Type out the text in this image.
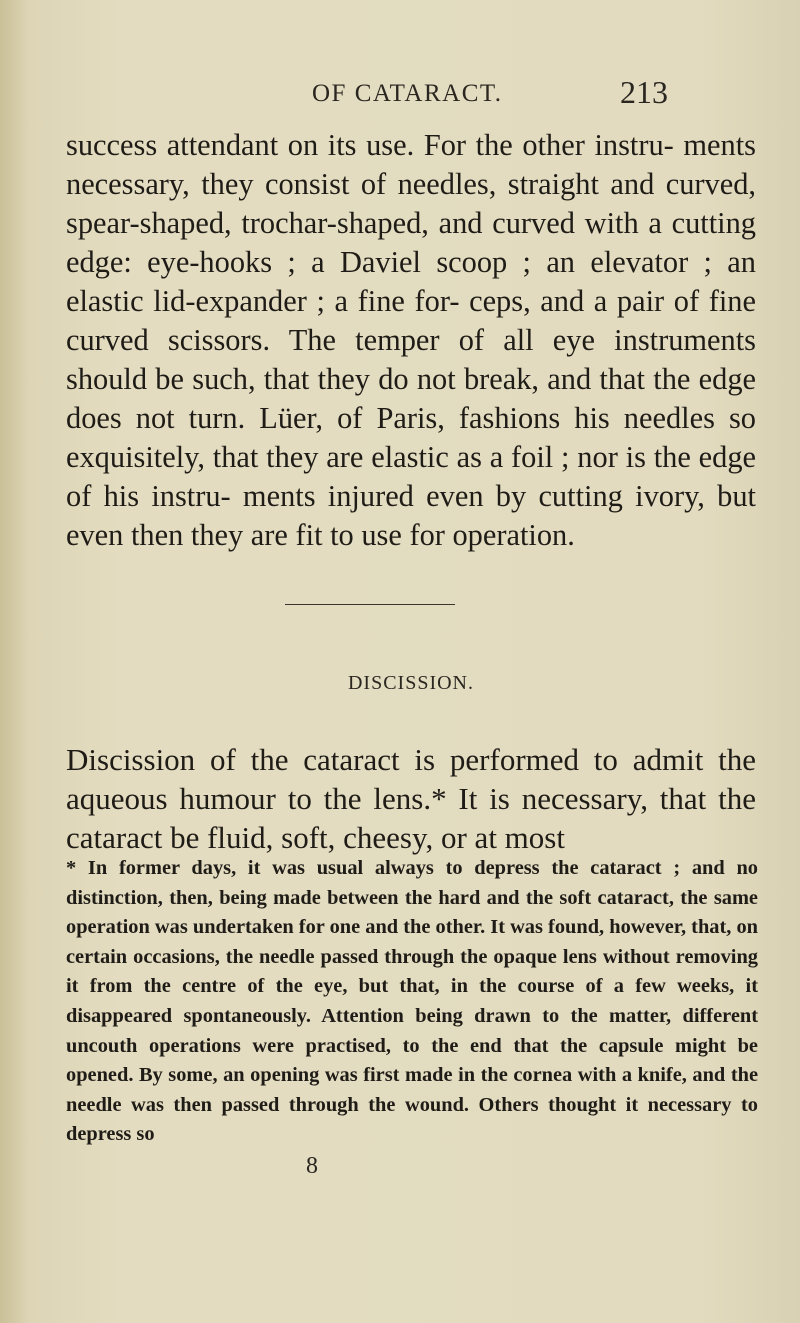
OF CATARACT.	213

success attendant on its use. For the other instru- ments necessary, they consist of needles, straight and curved, spear-shaped, trochar-shaped, and curved with a cutting edge: eye-hooks ; a Daviel scoop ; an elevator ; an elastic lid-expander ; a fine for- ceps, and a pair of fine curved scissors. The temper of all eye instruments should be such, that they do not break, and that the edge does not turn. Lüer, of Paris, fashions his needles so exquisitely, that they are elastic as a foil ; nor is the edge of his instru- ments injured even by cutting ivory, but even then they are fit to use for operation.

DISCISSION.

Discission of the cataract is performed to admit the aqueous humour to the lens.* It is necessary, that the cataract be fluid, soft, cheesy, or at most

* In former days, it was usual always to depress the cataract ; and no distinction, then, being made between the hard and the soft cataract, the same operation was undertaken for one and the other. It was found, however, that, on certain occasions, the needle passed through the opaque lens without removing it from the centre of the eye, but that, in the course of a few weeks, it disappeared spontaneously. Attention being drawn to the matter, different uncouth operations were practised, to the end that the capsule might be opened. By some, an opening was first made in the cornea with a knife, and the needle was then passed through the wound. Others thought it necessary to depress so

8
